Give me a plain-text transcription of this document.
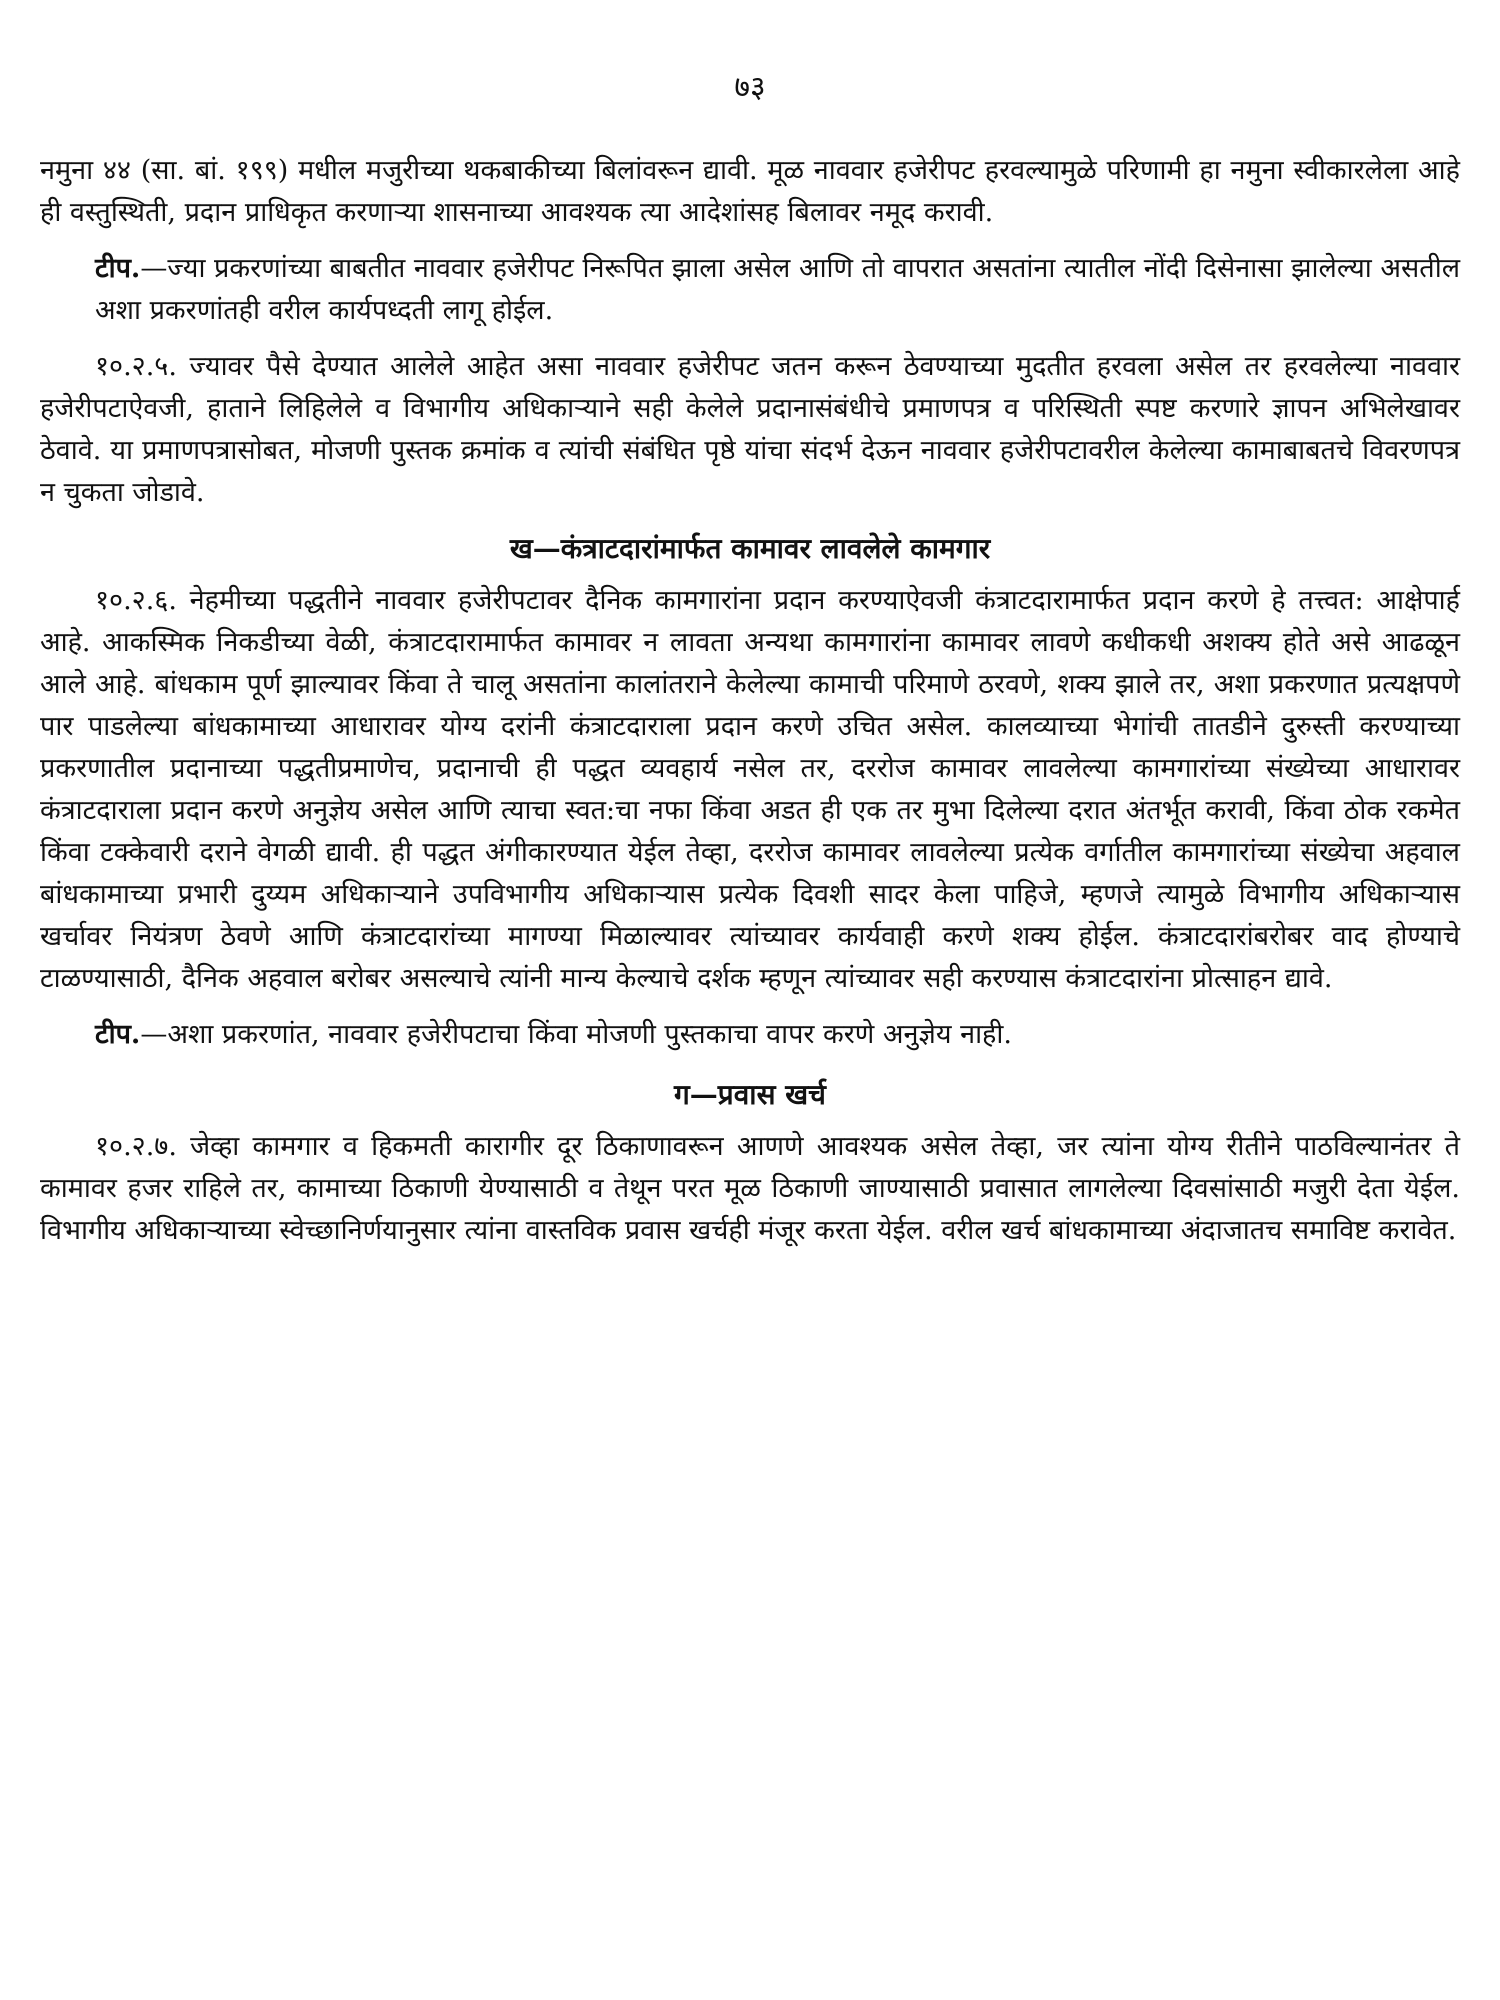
७३

नमुना ४४ (सा. बां. १९९) मधील मजुरीच्या थकबाकीच्या बिलांवरून द्यावी. मूळ नाववार हजेरीपट हरवल्यामुळे परिणामी हा नमुना स्वीकारलेला आहे ही वस्तुस्थिती, प्रदान प्राधिकृत करणाऱ्या शासनाच्या आवश्यक त्या आदेशांसह बिलावर नमूद करावी.

टीप.—ज्या प्रकरणांच्या बाबतीत नाववार हजेरीपट निरूपित झाला असेल आणि तो वापरात असतांना त्यातील नोंदी दिसेनासा झालेल्या असतील अशा प्रकरणांतही वरील कार्यपध्दती लागू होईल.

१०.२.५. ज्यावर पैसे देण्यात आलेले आहेत असा नाववार हजेरीपट जतन करून ठेवण्याच्या मुदतीत हरवला असेल तर हरवलेल्या नाववार हजेरीपटाऐवजी, हाताने लिहिलेले व विभागीय अधिकाऱ्याने सही केलेले प्रदानासंबंधीचे प्रमाणपत्र व परिस्थिती स्पष्ट करणारे ज्ञापन अभिलेखावर ठेवावे. या प्रमाणपत्रासोबत, मोजणी पुस्तक क्रमांक व त्यांची संबंधित पृष्ठे यांचा संदर्भ देऊन नाववार हजेरीपटावरील केलेल्या कामाबाबतचे विवरणपत्र न चुकता जोडावे.

ख—कंत्राटदारांमार्फत कामावर लावलेले कामगार

१०.२.६. नेहमीच्या पद्धतीने नाववार हजेरीपटावर दैनिक कामगारांना प्रदान करण्याऐवजी कंत्राटदारामार्फत प्रदान करणे हे तत्त्वत: आक्षेपार्ह आहे. आकस्मिक निकडीच्या वेळी, कंत्राटदारामार्फत कामावर न लावता अन्यथा कामगारांना कामावर लावणे कधीकधी अशक्य होते असे आढळून आले आहे. बांधकाम पूर्ण झाल्यावर किंवा ते चालू असतांना कालांतराने केलेल्या कामाची परिमाणे ठरवणे, शक्य झाले तर, अशा प्रकरणात प्रत्यक्षपणे पार पाडलेल्या बांधकामाच्या आधारावर योग्य दरांनी कंत्राटदाराला प्रदान करणे उचित असेल. कालव्याच्या भेगांची तातडीने दुरुस्ती करण्याच्या प्रकरणातील प्रदानाच्या पद्धतीप्रमाणेच, प्रदानाची ही पद्धत व्यवहार्य नसेल तर, दररोज कामावर लावलेल्या कामगारांच्या संख्येच्या आधारावर कंत्राटदाराला प्रदान करणे अनुज्ञेय असेल आणि त्याचा स्वत:चा नफा किंवा अडत ही एक तर मुभा दिलेल्या दरात अंतर्भूत करावी, किंवा ठोक रकमेत किंवा टक्केवारी दराने वेगळी द्यावी. ही पद्धत अंगीकारण्यात येईल तेव्हा, दररोज कामावर लावलेल्या प्रत्येक वर्गातील कामगारांच्या संख्येचा अहवाल बांधकामाच्या प्रभारी दुय्यम अधिकाऱ्याने उपविभागीय अधिकाऱ्यास प्रत्येक दिवशी सादर केला पाहिजे, म्हणजे त्यामुळे विभागीय अधिकाऱ्यास खर्चावर नियंत्रण ठेवणे आणि कंत्राटदारांच्या मागण्या मिळाल्यावर त्यांच्यावर कार्यवाही करणे शक्य होईल. कंत्राटदारांबरोबर वाद होण्याचे टाळण्यासाठी, दैनिक अहवाल बरोबर असल्याचे त्यांनी मान्य केल्याचे दर्शक म्हणून त्यांच्यावर सही करण्यास कंत्राटदारांना प्रोत्साहन द्यावे.

टीप.—अशा प्रकरणांत, नाववार हजेरीपटाचा किंवा मोजणी पुस्तकाचा वापर करणे अनुज्ञेय नाही.

ग—प्रवास खर्च

१०.२.७. जेव्हा कामगार व हिकमती कारागीर दूर ठिकाणावरून आणणे आवश्यक असेल तेव्हा, जर त्यांना योग्य रीतीने पाठविल्यानंतर ते कामावर हजर राहिले तर, कामाच्या ठिकाणी येण्यासाठी व तेथून परत मूळ ठिकाणी जाण्यासाठी प्रवासात लागलेल्या दिवसांसाठी मजुरी देता येईल. विभागीय अधिकाऱ्याच्या स्वेच्छानिर्णयानुसार त्यांना वास्तविक प्रवास खर्चही मंजूर करता येईल. वरील खर्च बांधकामाच्या अंदाजातच समाविष्ट करावेत.
